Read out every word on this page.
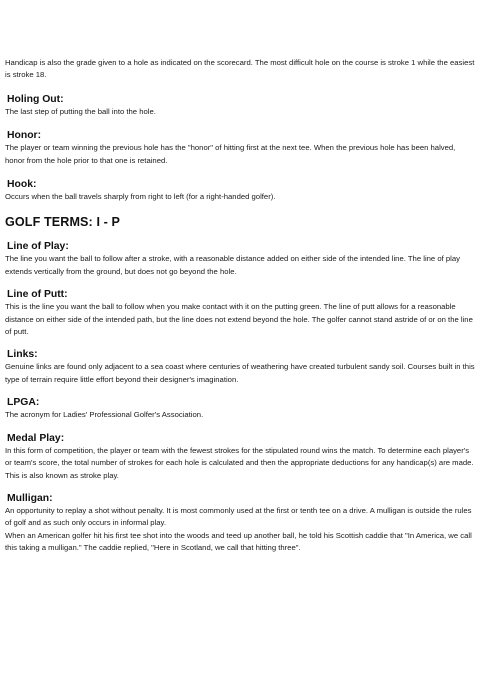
Handicap is also the grade given to a hole as indicated on the scorecard. The most difficult hole on the course is stroke 1 while the easiest is stroke 18.

Holing Out:

The last step of putting the ball into the hole.

Honor:

The player or team winning the previous hole has the "honor" of hitting first at the next tee. When the previous hole has been halved, honor from the hole prior to that one is retained.

Hook:

Occurs when the ball travels sharply from right to left (for a right-handed golfer).

GOLF TERMS: I - P
Line of Play:

The line you want the ball to follow after a stroke, with a reasonable distance added on either side of the intended line. The line of play extends vertically from the ground, but does not go beyond the hole.

Line of Putt:

This is the line you want the ball to follow when you make contact with it on the putting green. The line of putt allows for a reasonable distance on either side of the intended path, but the line does not extend beyond the hole. The golfer cannot stand astride of or on the line of putt.

Links:

Genuine links are found only adjacent to a sea coast where centuries of weathering have created turbulent sandy soil. Courses built in this type of terrain require little effort beyond their designer's imagination.

LPGA:

The acronym for Ladies' Professional Golfer's Association.

Medal Play:

In this form of competition, the player or team with the fewest strokes for the stipulated round wins the match. To determine each player's or team's score, the total number of strokes for each hole is calculated and then the appropriate deductions for any handicap(s) are made. This is also known as stroke play.

Mulligan:

An opportunity to replay a shot without penalty. It is most commonly used at the first or tenth tee on a drive. A mulligan is outside the rules of golf and as such only occurs in informal play.

When an American golfer hit his first tee shot into the woods and teed up another ball, he told his Scottish caddie that "In America, we call this taking a mulligan." The caddie replied, "Here in Scotland, we call that hitting three".
